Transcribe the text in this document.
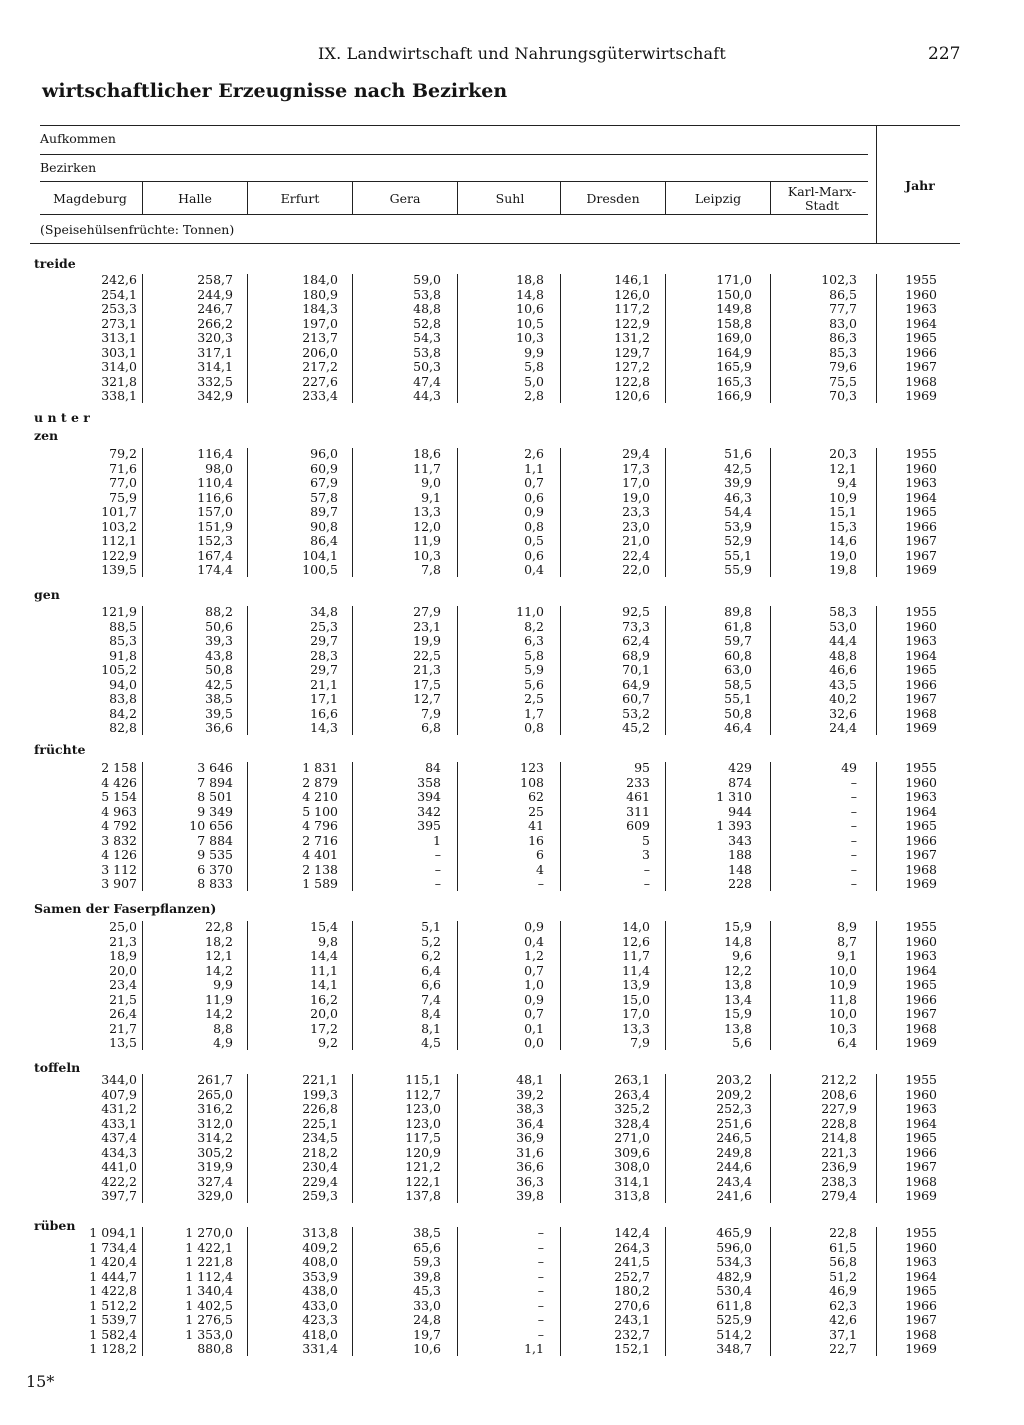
IX. Landwirtschaft und Nahrungsgüterwirtschaft	227
wirtschaftlicher Erzeugnisse nach Bezirken
Aufkommen
Bezirken
(Speisehülsenfrüchte: Tonnen)
Jahr
Magdeburg	Halle	Erfurt	Gera	Suhl	Dresden	Leipzig	Karl-Marx-
Stadt
treide
242,6	258,7	184,0	59,0	18,8	146,1	171,0	102,3	1955
254,1	244,9	180,9	53,8	14,8	126,0	150,0	86,5	1960
253,3	246,7	184,3	48,8	10,6	117,2	149,8	77,7	1963
273,1	266,2	197,0	52,8	10,5	122,9	158,8	83,0	1964
313,1	320,3	213,7	54,3	10,3	131,2	169,0	86,3	1965
303,1	317,1	206,0	53,8	9,9	129,7	164,9	85,3	1966
314,0	314,1	217,2	50,3	5,8	127,2	165,9	79,6	1967
321,8	332,5	227,6	47,4	5,0	122,8	165,3	75,5	1968
338,1	342,9	233,4	44,3	2,8	120,6	166,9	70,3	1969
u n t e r
zen
79,2	116,4	96,0	18,6	2,6	29,4	51,6	20,3	1955
71,6	98,0	60,9	11,7	1,1	17,3	42,5	12,1	1960
77,0	110,4	67,9	9,0	0,7	17,0	39,9	9,4	1963
75,9	116,6	57,8	9,1	0,6	19,0	46,3	10,9	1964
101,7	157,0	89,7	13,3	0,9	23,3	54,4	15,1	1965
103,2	151,9	90,8	12,0	0,8	23,0	53,9	15,3	1966
112,1	152,3	86,4	11,9	0,5	21,0	52,9	14,6	1967
122,9	167,4	104,1	10,3	0,6	22,4	55,1	19,0	1967
139,5	174,4	100,5	7,8	0,4	22,0	55,9	19,8	1969
gen
121,9	88,2	34,8	27,9	11,0	92,5	89,8	58,3	1955
88,5	50,6	25,3	23,1	8,2	73,3	61,8	53,0	1960
85,3	39,3	29,7	19,9	6,3	62,4	59,7	44,4	1963
91,8	43,8	28,3	22,5	5,8	68,9	60,8	48,8	1964
105,2	50,8	29,7	21,3	5,9	70,1	63,0	46,6	1965
94,0	42,5	21,1	17,5	5,6	64,9	58,5	43,5	1966
83,8	38,5	17,1	12,7	2,5	60,7	55,1	40,2	1967
84,2	39,5	16,6	7,9	1,7	53,2	50,8	32,6	1968
82,8	36,6	14,3	6,8	0,8	45,2	46,4	24,4	1969
früchte
2 158	3 646	1 831	84	123	95	429	49	1955
4 426	7 894	2 879	358	108	233	874	–	1960
5 154	8 501	4 210	394	62	461	1 310	–	1963
4 963	9 349	5 100	342	25	311	944	–	1964
4 792	10 656	4 796	395	41	609	1 393	–	1965
3 832	7 884	2 716	1	16	5	343	–	1966
4 126	9 535	4 401	–	6	3	188	–	1967
3 112	6 370	2 138	–	4	–	148	–	1968
3 907	8 833	1 589	–	–	–	228	–	1969
Samen der Faserpflanzen)
25,0	22,8	15,4	5,1	0,9	14,0	15,9	8,9	1955
21,3	18,2	9,8	5,2	0,4	12,6	14,8	8,7	1960
18,9	12,1	14,4	6,2	1,2	11,7	9,6	9,1	1963
20,0	14,2	11,1	6,4	0,7	11,4	12,2	10,0	1964
23,4	9,9	14,1	6,6	1,0	13,9	13,8	10,9	1965
21,5	11,9	16,2	7,4	0,9	15,0	13,4	11,8	1966
26,4	14,2	20,0	8,4	0,7	17,0	15,9	10,0	1967
21,7	8,8	17,2	8,1	0,1	13,3	13,8	10,3	1968
13,5	4,9	9,2	4,5	0,0	7,9	5,6	6,4	1969
toffeln
344,0	261,7	221,1	115,1	48,1	263,1	203,2	212,2	1955
407,9	265,0	199,3	112,7	39,2	263,4	209,2	208,6	1960
431,2	316,2	226,8	123,0	38,3	325,2	252,3	227,9	1963
433,1	312,0	225,1	123,0	36,4	328,4	251,6	228,8	1964
437,4	314,2	234,5	117,5	36,9	271,0	246,5	214,8	1965
434,3	305,2	218,2	120,9	31,6	309,6	249,8	221,3	1966
441,0	319,9	230,4	121,2	36,6	308,0	244,6	236,9	1967
422,2	327,4	229,4	122,1	36,3	314,1	243,4	238,3	1968
397,7	329,0	259,3	137,8	39,8	313,8	241,6	279,4	1969
rüben 1 094,1	1 270,0	313,8	38,5	–	142,4	465,9	22,8	1955
1 734,4	1 422,1	409,2	65,6	–	264,3	596,0	61,5	1960
1 420,4	1 221,8	408,0	59,3	–	241,5	534,3	56,8	1963
1 444,7	1 112,4	353,9	39,8	–	252,7	482,9	51,2	1964
1 422,8	1 340,4	438,0	45,3	–	180,2	530,4	46,9	1965
1 512,2	1 402,5	433,0	33,0	–	270,6	611,8	62,3	1966
1 539,7	1 276,5	423,3	24,8	–	243,1	525,9	42,6	1967
1 582,4	1 353,0	418,0	19,7	–	232,7	514,2	37,1	1968
1 128,2	880,8	331,4	10,6	1,1	152,1	348,7	22,7	1969
15*
